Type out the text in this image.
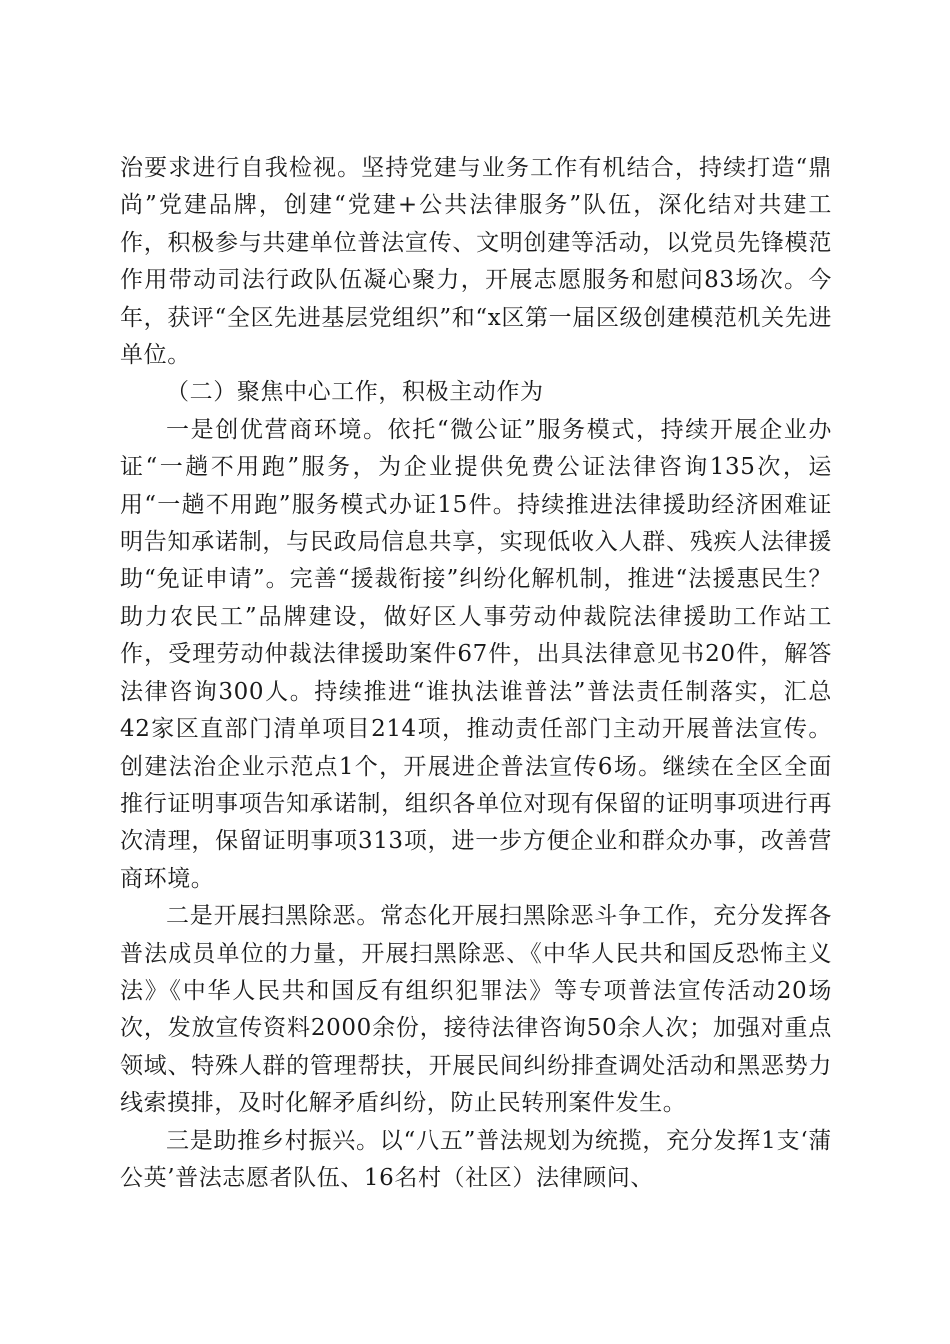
治要求进行自我检视。坚持党建与业务工作有机结合，持续打造“鼎尚”党建品牌，创建“党建+公共法律服务”队伍，深化结对共建工作，积极参与共建单位普法宣传、文明创建等活动，以党员先锋模范作用带动司法行政队伍凝心聚力，开展志愿服务和慰问83场次。今年，获评“全区先进基层党组织”和“x区第一届区级创建模范机关先进单位。

（二）聚焦中心工作，积极主动作为

一是创优营商环境。依托“微公证”服务模式，持续开展企业办证“一趟不用跑”服务，为企业提供免费公证法律咨询135次，运用“一趟不用跑”服务模式办证15件。持续推进法律援助经济困难证明告知承诺制，与民政局信息共享，实现低收入人群、残疾人法律援助“免证申请”。完善“援裁衔接”纠纷化解机制，推进“法援惠民生？助力农民工”品牌建设，做好区人事劳动仲裁院法律援助工作站工作，受理劳动仲裁法律援助案件67件，出具法律意见书20件，解答法律咨询300人。持续推进“谁执法谁普法”普法责任制落实，汇总42家区直部门清单项目214项，推动责任部门主动开展普法宣传。创建法治企业示范点1个，开展进企普法宣传6场。继续在全区全面推行证明事项告知承诺制，组织各单位对现有保留的证明事项进行再次清理，保留证明事项313项，进一步方便企业和群众办事，改善营商环境。

二是开展扫黑除恶。常态化开展扫黑除恶斗争工作，充分发挥各普法成员单位的力量，开展扫黑除恶、《中华人民共和国反恐怖主义法》《中华人民共和国反有组织犯罪法》等专项普法宣传活动20场次，发放宣传资料2000余份，接待法律咨询50余人次；加强对重点领域、特殊人群的管理帮扶，开展民间纠纷排查调处活动和黑恶势力线索摸排，及时化解矛盾纠纷，防止民转刑案件发生。

三是助推乡村振兴。以“八五”普法规划为统揽，充分发挥1支‘蒲公英’普法志愿者队伍、16名村（社区）法律顾问、
